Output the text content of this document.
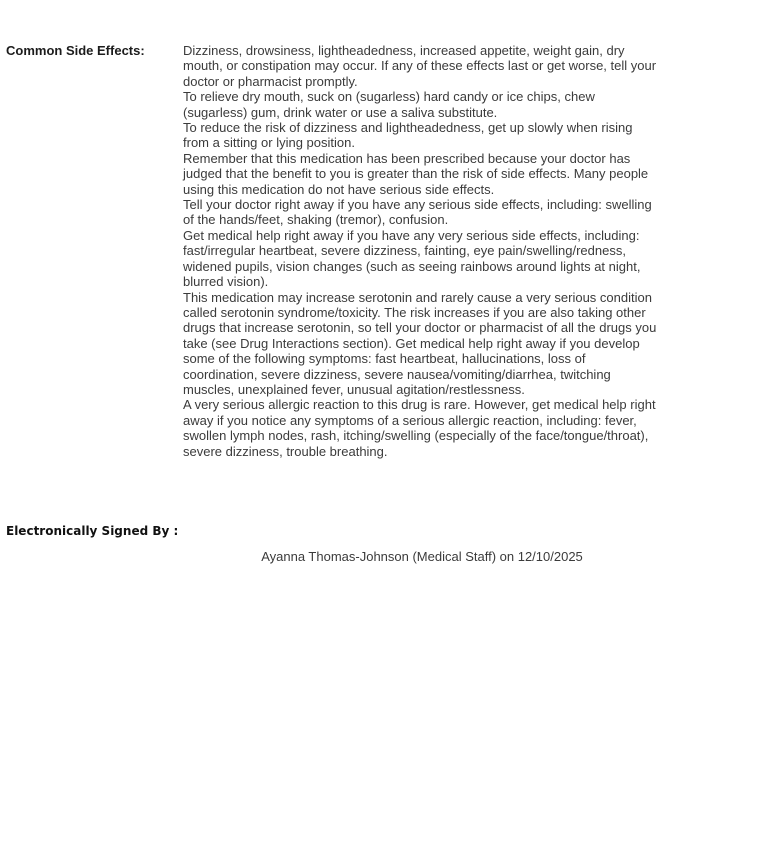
Common Side Effects:	Dizziness, drowsiness, lightheadedness, increased appetite, weight gain, dry mouth, or constipation may occur. If any of these effects last or get worse, tell your doctor or pharmacist promptly.
To relieve dry mouth, suck on (sugarless) hard candy or ice chips, chew (sugarless) gum, drink water or use a saliva substitute.
To reduce the risk of dizziness and lightheadedness, get up slowly when rising from a sitting or lying position.
Remember that this medication has been prescribed because your doctor has judged that the benefit to you is greater than the risk of side effects. Many people using this medication do not have serious side effects.
Tell your doctor right away if you have any serious side effects, including: swelling of the hands/feet, shaking (tremor), confusion.
Get medical help right away if you have any very serious side effects, including: fast/irregular heartbeat, severe dizziness, fainting, eye pain/swelling/redness, widened pupils, vision changes (such as seeing rainbows around lights at night, blurred vision).
This medication may increase serotonin and rarely cause a very serious condition called serotonin syndrome/toxicity. The risk increases if you are also taking other drugs that increase serotonin, so tell your doctor or pharmacist of all the drugs you take (see Drug Interactions section). Get medical help right away if you develop some of the following symptoms: fast heartbeat, hallucinations, loss of coordination, severe dizziness, severe nausea/vomiting/diarrhea, twitching muscles, unexplained fever, unusual agitation/restlessness.
A very serious allergic reaction to this drug is rare. However, get medical help right away if you notice any symptoms of a serious allergic reaction, including: fever, swollen lymph nodes, rash, itching/swelling (especially of the face/tongue/throat), severe dizziness, trouble breathing.
Electronically Signed By :
Ayanna Thomas-Johnson (Medical Staff) on 12/10/2025
